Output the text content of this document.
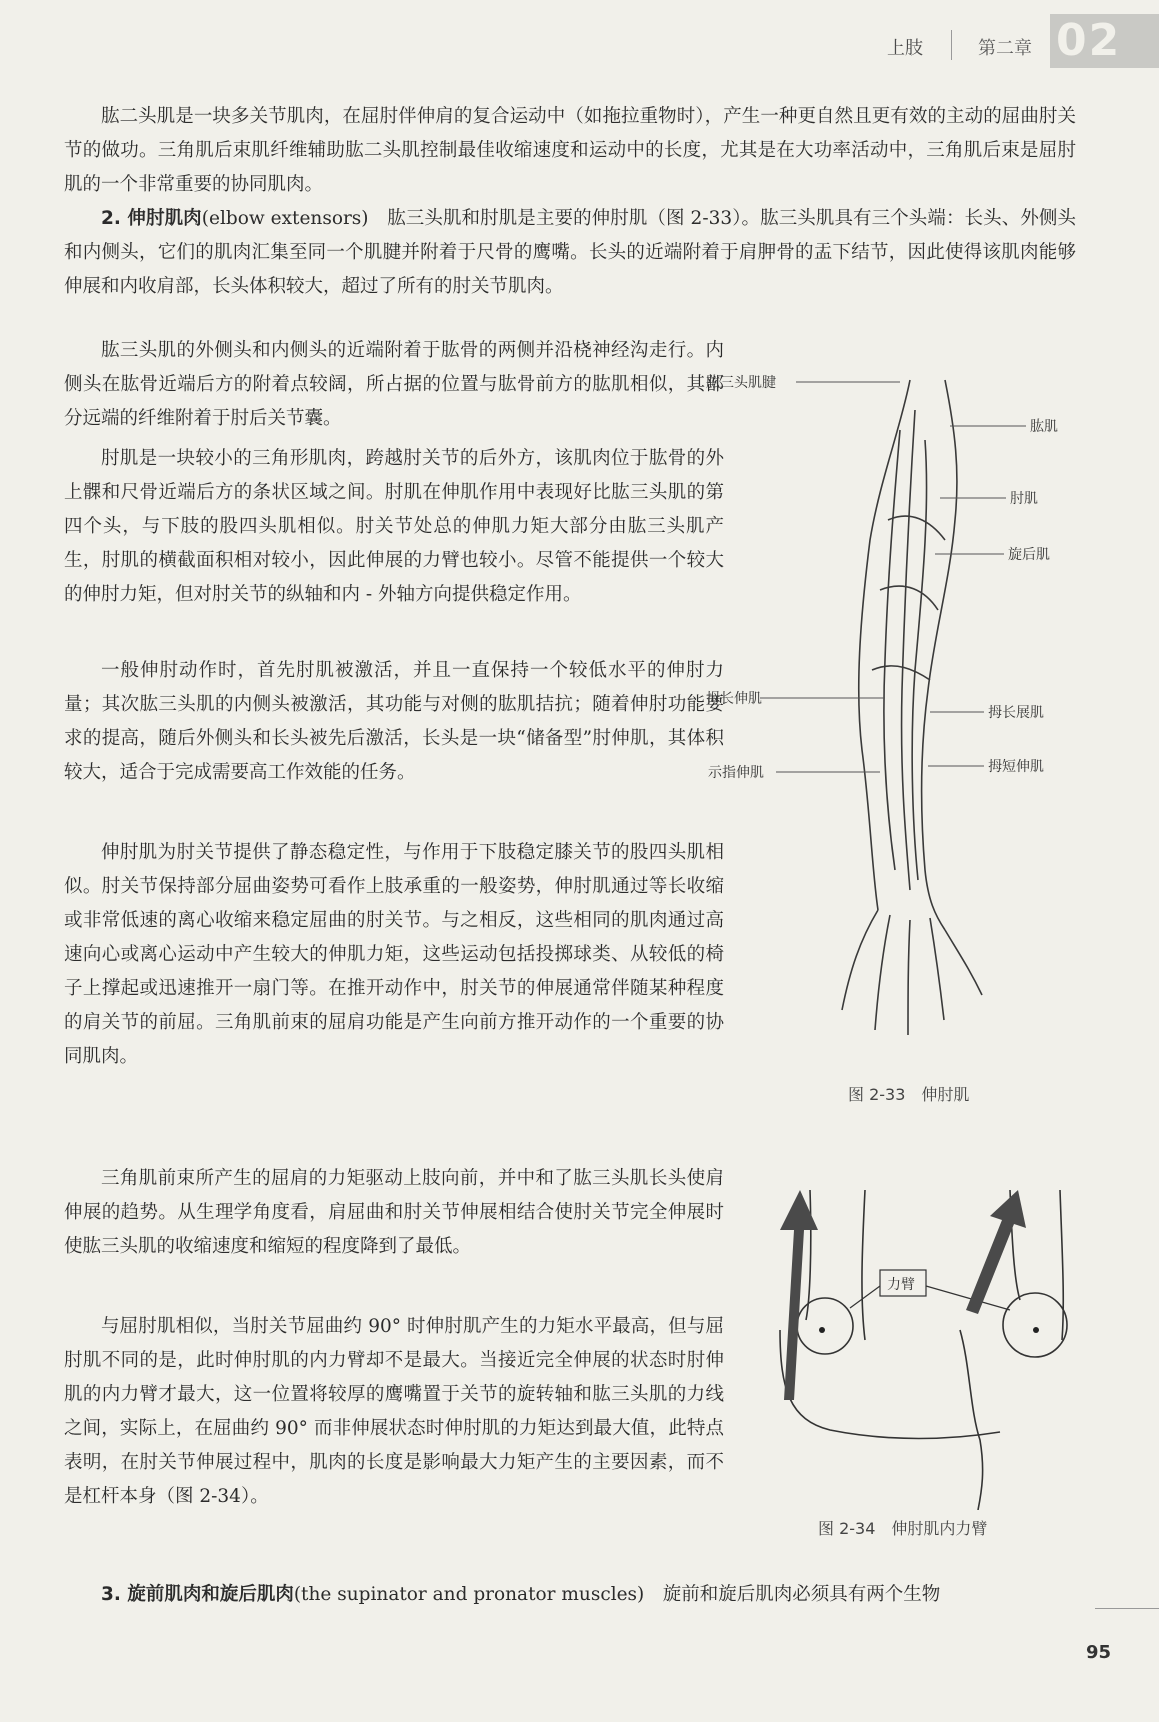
上肢	第二章 02

肱二头肌是一块多关节肌肉，在屈肘伴伸肩的复合运动中（如拖拉重物时），产生一种更自然且更有效的主动的屈曲肘关节的做功。三角肌后束肌纤维辅助肱二头肌控制最佳收缩速度和运动中的长度，尤其是在大功率活动中，三角肌后束是屈肘肌的一个非常重要的协同肌肉。

2. 伸肘肌肉(elbow extensors)　 肱三头肌和肘肌是主要的伸肘肌（图 2-33）。肱三头肌具有三个头端：长头、外侧头和内侧头，它们的肌肉汇集至同一个肌腱并附着于尺骨的鹰嘴。长头的近端附着于肩胛骨的盂下结节，因此使得该肌肉能够伸展和内收肩部，长头体积较大，超过了所有的肘关节肌肉。

肱三头肌的外侧头和内侧头的近端附着于肱骨的两侧并沿桡神经沟走行。内侧头在肱骨近端后方的附着点较阔，所占据的位置与肱骨前方的肱肌相似，其部分远端的纤维附着于肘后关节囊。

肘肌是一块较小的三角形肌肉，跨越肘关节的后外方，该肌肉位于肱骨的外上髁和尺骨近端后方的条状区域之间。肘肌在伸肌作用中表现好比肱三头肌的第四个头，与下肢的股四头肌相似。肘关节处总的伸肌力矩大部分由肱三头肌产生，肘肌的横截面积相对较小，因此伸展的力臂也较小。尽管不能提供一个较大的伸肘力矩，但对肘关节的纵轴和内 - 外轴方向提供稳定作用。

一般伸肘动作时，首先肘肌被激活，并且一直保持一个较低水平的伸肘力量；其次肱三头肌的内侧头被激活，其功能与对侧的肱肌拮抗；随着伸肘功能要求的提高，随后外侧头和长头被先后激活，长头是一块“储备型”肘伸肌，其体积较大，适合于完成需要高工作效能的任务。

伸肘肌为肘关节提供了静态稳定性，与作用于下肢稳定膝关节的股四头肌相似。肘关节保持部分屈曲姿势可看作上肢承重的一般姿势，伸肘肌通过等长收缩或非常低速的离心收缩来稳定屈曲的肘关节。与之相反，这些相同的肌肉通过高速向心或离心运动中产生较大的伸肌力矩，这些运动包括投掷球类、从较低的椅子上撑起或迅速推开一扇门等。在推开动作中，肘关节的伸展通常伴随某种程度的肩关节的前屈。三角肌前束的屈肩功能是产生向前方推开动作的一个重要的协同肌肉。

三角肌前束所产生的屈肩的力矩驱动上肢向前，并中和了肱三头肌长头使肩伸展的趋势。从生理学角度看，肩屈曲和肘关节伸展相结合使肘关节完全伸展时使肱三头肌的收缩速度和缩短的程度降到了最低。

与屈肘肌相似，当肘关节屈曲约 90° 时伸肘肌产生的力矩水平最高，但与屈肘肌不同的是，此时伸肘肌的内力臂却不是最大。当接近完全伸展的状态时肘伸肌的内力臂才最大，这一位置将较厚的鹰嘴置于关节的旋转轴和肱三头肌的力线之间，实际上，在屈曲约 90° 而非伸展状态时伸肘肌的力矩达到最大值，此特点表明，在肘关节伸展过程中，肌肉的长度是影响最大力矩产生的主要因素，而不是杠杆本身（图 2-34）。

3. 旋前肌肉和旋后肌肉(the supinator and pronator muscles)　 旋前和旋后肌肉必须具有两个生物

肱三头肌腱
肱肌
肘肌
旋后肌
拇长伸肌
拇长展肌
拇短伸肌
示指伸肌
图 2-33　伸肘肌
力臂
图 2-34　伸肘肌内力臂
95
